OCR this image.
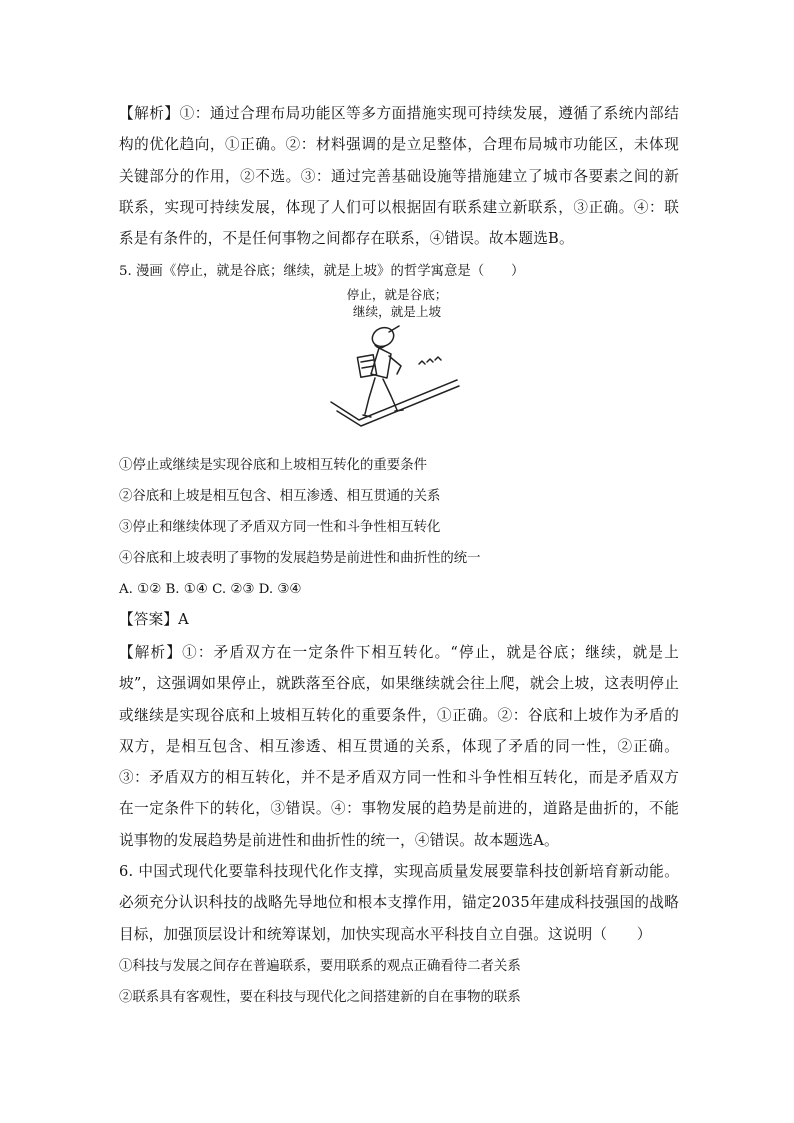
【解析】①：通过合理布局功能区等多方面措施实现可持续发展，遵循了系统内部结构的优化趋向，①正确。②：材料强调的是立足整体，合理布局城市功能区，未体现关键部分的作用，②不选。③：通过完善基础设施等措施建立了城市各要素之间的新联系，实现可持续发展，体现了人们可以根据固有联系建立新联系，③正确。④：联系是有条件的，不是任何事物之间都存在联系，④错误。故本题选B。

5. 漫画《停止，就是谷底；继续，就是上坡》的哲学寓意是（　　）

停止，就是谷底；

继续，就是上坡

①停止或继续是实现谷底和上坡相互转化的重要条件

②谷底和上坡是相互包含、相互渗透、相互贯通的关系

③停止和继续体现了矛盾双方同一性和斗争性相互转化

④谷底和上坡表明了事物的发展趋势是前进性和曲折性的统一

A. ①② B. ①④ C. ②③ D. ③④

【答案】A

【解析】①：矛盾双方在一定条件下相互转化。“停止，就是谷底；继续，就是上坡”，这强调如果停止，就跌落至谷底，如果继续就会往上爬，就会上坡，这表明停止或继续是实现谷底和上坡相互转化的重要条件，①正确。②：谷底和上坡作为矛盾的双方，是相互包含、相互渗透、相互贯通的关系，体现了矛盾的同一性，②正确。③：矛盾双方的相互转化，并不是矛盾双方同一性和斗争性相互转化，而是矛盾双方在一定条件下的转化，③错误。④：事物发展的趋势是前进的，道路是曲折的，不能说事物的发展趋势是前进性和曲折性的统一，④错误。故本题选A。

6. 中国式现代化要靠科技现代化作支撑，实现高质量发展要靠科技创新培育新动能。必须充分认识科技的战略先导地位和根本支撑作用，锚定2035年建成科技强国的战略目标，加强顶层设计和统筹谋划，加快实现高水平科技自立自强。这说明（　　）

①科技与发展之间存在普遍联系，要用联系的观点正确看待二者关系

②联系具有客观性，要在科技与现代化之间搭建新的自在事物的联系
